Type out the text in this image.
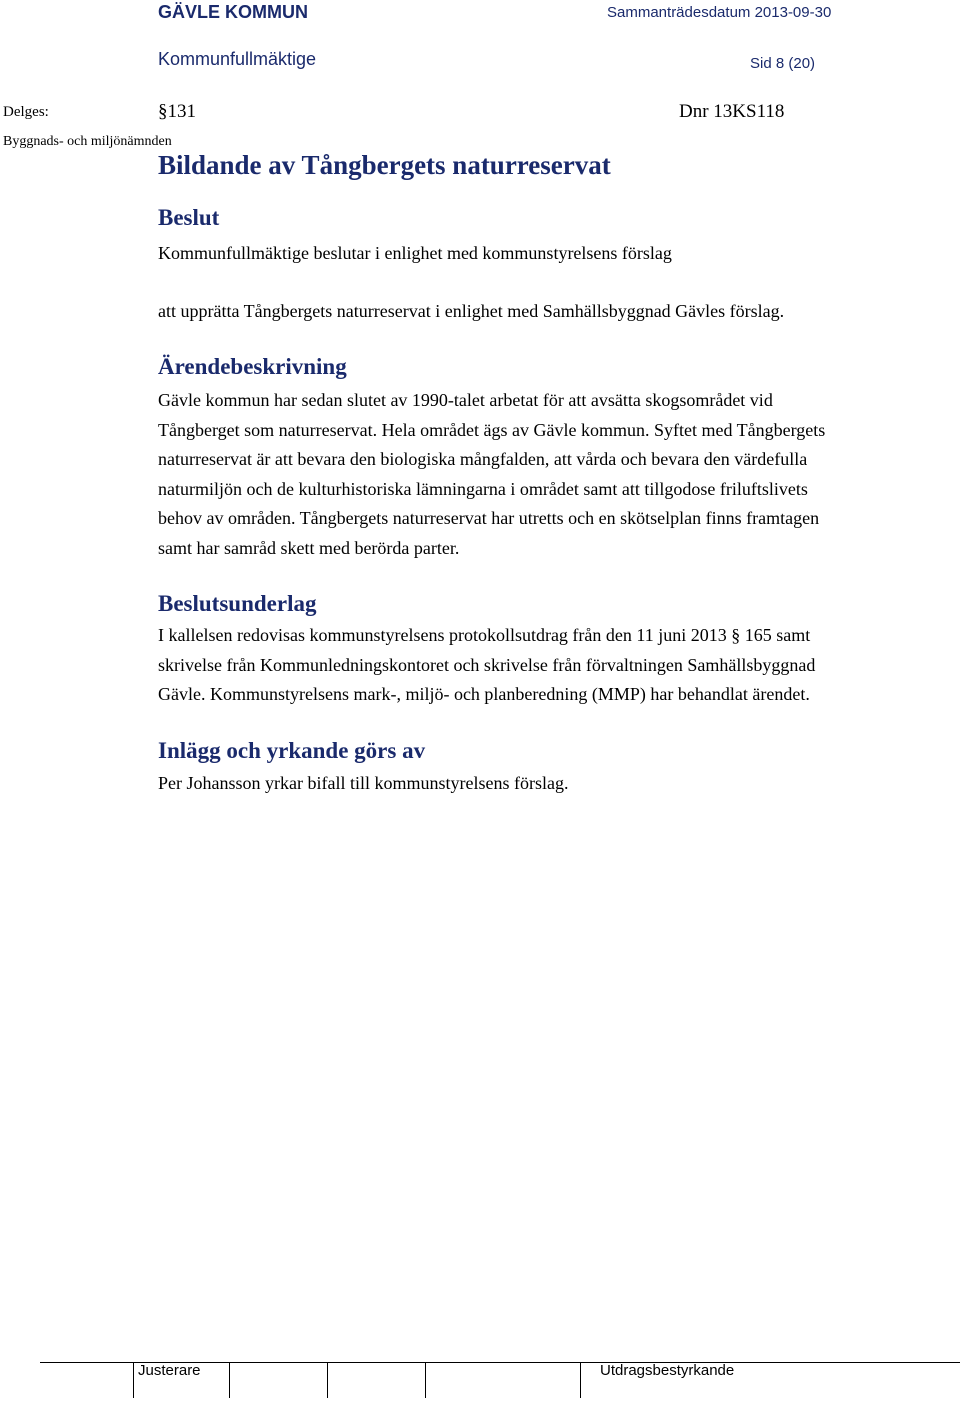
GÄVLE KOMMUN	Sammanträdesdatum 2013-09-30
Kommunfullmäktige	Sid 8 (20)
Delges:	§131	Dnr 13KS118
Byggnads- och miljönämnden
Bildande av Tångbergets naturreservat
Beslut
Kommunfullmäktige beslutar i enlighet med kommunstyrelsens förslag
att upprätta Tångbergets naturreservat i enlighet med Samhällsbyggnad Gävles förslag.
Ärendebeskrivning
Gävle kommun har sedan slutet av 1990-talet arbetat för att avsätta skogsområdet vid
Tångberget som naturreservat. Hela området ägs av Gävle kommun. Syftet med Tångbergets
naturreservat är att bevara den biologiska mångfalden, att vårda och bevara den värdefulla
naturmiljön och de kulturhistoriska lämningarna i området samt att tillgodose friluftslivets
behov av områden. Tångbergets naturreservat har utretts och en skötselplan finns framtagen
samt har samråd skett med berörda parter.
Beslutsunderlag
I kallelsen redovisas kommunstyrelsens protokollsutdrag från den 11 juni 2013 § 165 samt
skrivelse från Kommunledningskontoret och skrivelse från förvaltningen Samhällsbyggnad
Gävle. Kommunstyrelsens mark-, miljö- och planberedning (MMP) har behandlat ärendet.
Inlägg och yrkande görs av
Per Johansson yrkar bifall till kommunstyrelsens förslag.
Justerare	Utdragsbestyrkande
